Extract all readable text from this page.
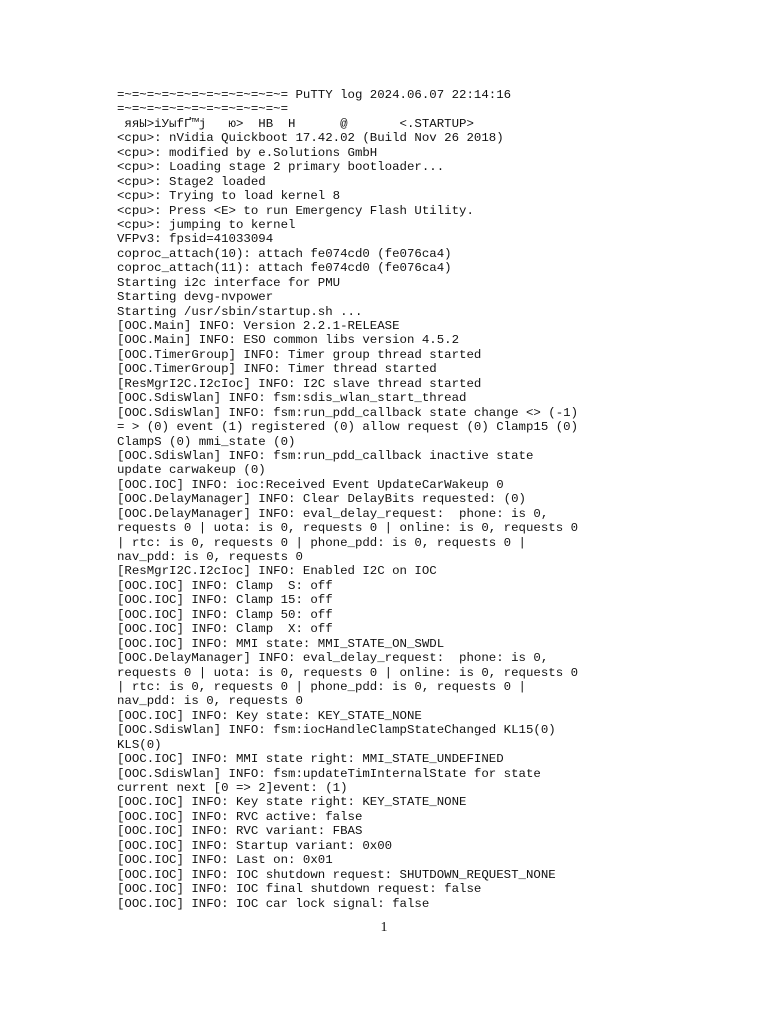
=~=~=~=~=~=~=~=~=~=~=~= PuTTY log 2024.06.07 22:14:16
=~=~=~=~=~=~=~=~=~=~=~=
яяЫ>іУыfҐ™ј   ю>  НВ  Н      @       <.STARTUP>
<cpu>: nVidia Quickboot 17.42.02 (Build Nov 26 2018)
<cpu>: modified by e.Solutions GmbH
<cpu>: Loading stage 2 primary bootloader...
<cpu>: Stage2 loaded
<cpu>: Trying to load kernel 8
<cpu>: Press <E> to run Emergency Flash Utility.
<cpu>: jumping to kernel
VFPv3: fpsid=41033094
coproc_attach(10): attach fe074cd0 (fe076ca4)
coproc_attach(11): attach fe074cd0 (fe076ca4)
Starting i2c interface for PMU
Starting devg-nvpower
Starting /usr/sbin/startup.sh ...
[OOC.Main] INFO: Version 2.2.1-RELEASE
[OOC.Main] INFO: ESO common libs version 4.5.2
[OOC.TimerGroup] INFO: Timer group thread started
[OOC.TimerGroup] INFO: Timer thread started
[ResMgrI2C.I2cIoc] INFO: I2C slave thread started
[OOC.SdisWlan] INFO: fsm:sdis_wlan_start_thread
[OOC.SdisWlan] INFO: fsm:run_pdd_callback state change <> (-1)
= > (0) event (1) registered (0) allow request (0) Clamp15 (0)
ClampS (0) mmi_state (0)
[OOC.SdisWlan] INFO: fsm:run_pdd_callback inactive state
update carwakeup (0)
[OOC.IOC] INFO: ioc:Received Event UpdateCarWakeup 0
[OOC.DelayManager] INFO: Clear DelayBits requested: (0)
[OOC.DelayManager] INFO: eval_delay_request:  phone: is 0,
requests 0 | uota: is 0, requests 0 | online: is 0, requests 0
| rtc: is 0, requests 0 | phone_pdd: is 0, requests 0 |
nav_pdd: is 0, requests 0
[ResMgrI2C.I2cIoc] INFO: Enabled I2C on IOC
[OOC.IOC] INFO: Clamp  S: off
[OOC.IOC] INFO: Clamp 15: off
[OOC.IOC] INFO: Clamp 50: off
[OOC.IOC] INFO: Clamp  X: off
[OOC.IOC] INFO: MMI state: MMI_STATE_ON_SWDL
[OOC.DelayManager] INFO: eval_delay_request:  phone: is 0,
requests 0 | uota: is 0, requests 0 | online: is 0, requests 0
| rtc: is 0, requests 0 | phone_pdd: is 0, requests 0 |
nav_pdd: is 0, requests 0
[OOC.IOC] INFO: Key state: KEY_STATE_NONE
[OOC.SdisWlan] INFO: fsm:iocHandleClampStateChanged KL15(0)
KLS(0)
[OOC.IOC] INFO: MMI state right: MMI_STATE_UNDEFINED
[OOC.SdisWlan] INFO: fsm:updateTimInternalState for state
current next [0 => 2]event: (1)
[OOC.IOC] INFO: Key state right: KEY_STATE_NONE
[OOC.IOC] INFO: RVC active: false
[OOC.IOC] INFO: RVC variant: FBAS
[OOC.IOC] INFO: Startup variant: 0x00
[OOC.IOC] INFO: Last on: 0x01
[OOC.IOC] INFO: IOC shutdown request: SHUTDOWN_REQUEST_NONE
[OOC.IOC] INFO: IOC final shutdown request: false
[OOC.IOC] INFO: IOC car lock signal: false
1
